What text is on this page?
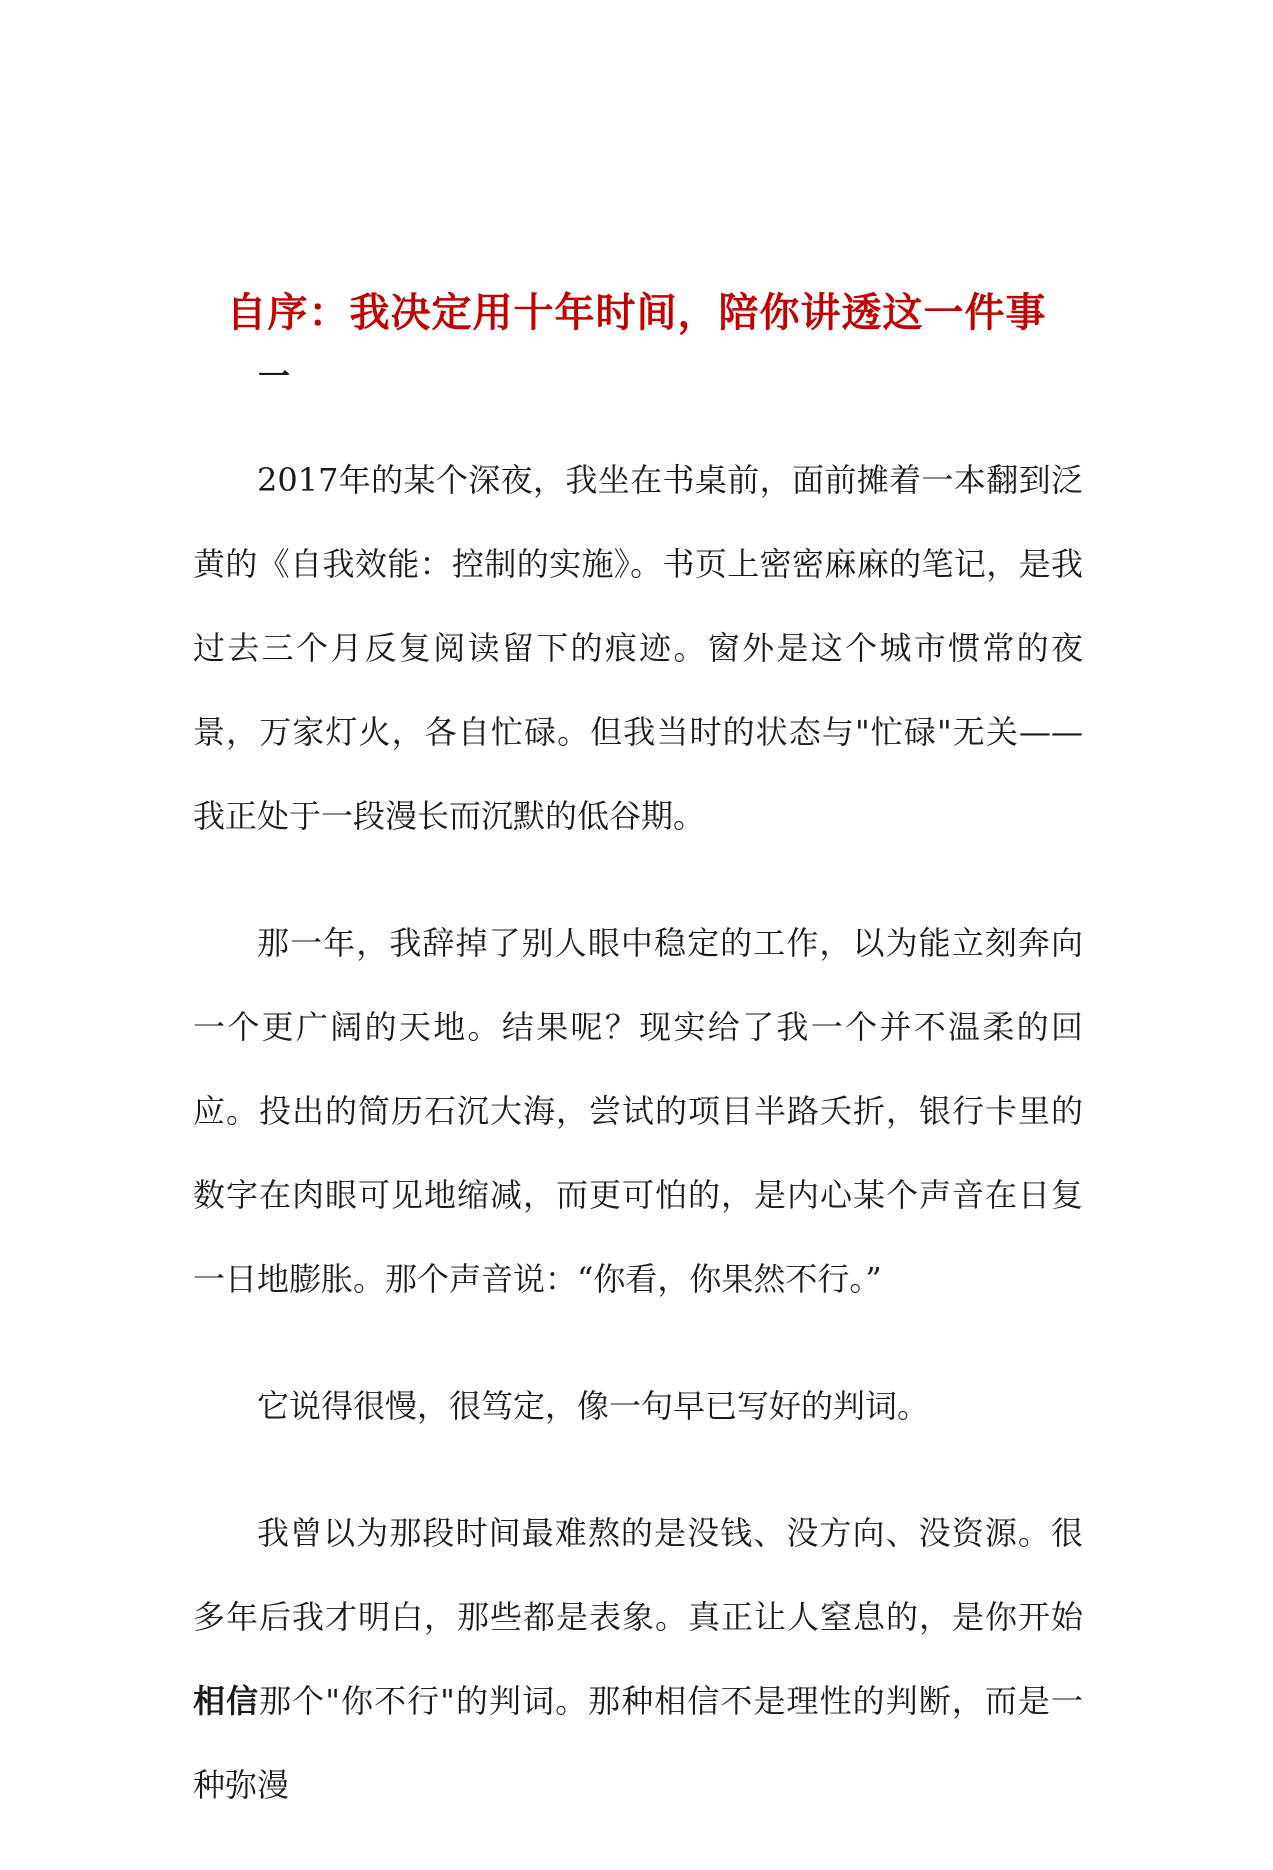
自序：我决定用十年时间，陪你讲透这一件事
一

2017年的某个深夜，我坐在书桌前，面前摊着一本翻到泛黄的《自我效能：控制的实施》。书页上密密麻麻的笔记，是我过去三个月反复阅读留下的痕迹。窗外是这个城市惯常的夜景，万家灯火，各自忙碌。但我当时的状态与"忙碌"无关——我正处于一段漫长而沉默的低谷期。

那一年，我辞掉了别人眼中稳定的工作，以为能立刻奔向一个更广阔的天地。结果呢？现实给了我一个并不温柔的回应。投出的简历石沉大海，尝试的项目半路夭折，银行卡里的数字在肉眼可见地缩减，而更可怕的，是内心某个声音在日复一日地膨胀。那个声音说：“你看，你果然不行。”

它说得很慢，很笃定，像一句早已写好的判词。

我曾以为那段时间最难熬的是没钱、没方向、没资源。很多年后我才明白，那些都是表象。真正让人窒息的，是你开始相信那个"你不行"的判词。那种相信不是理性的判断，而是一种弥漫
